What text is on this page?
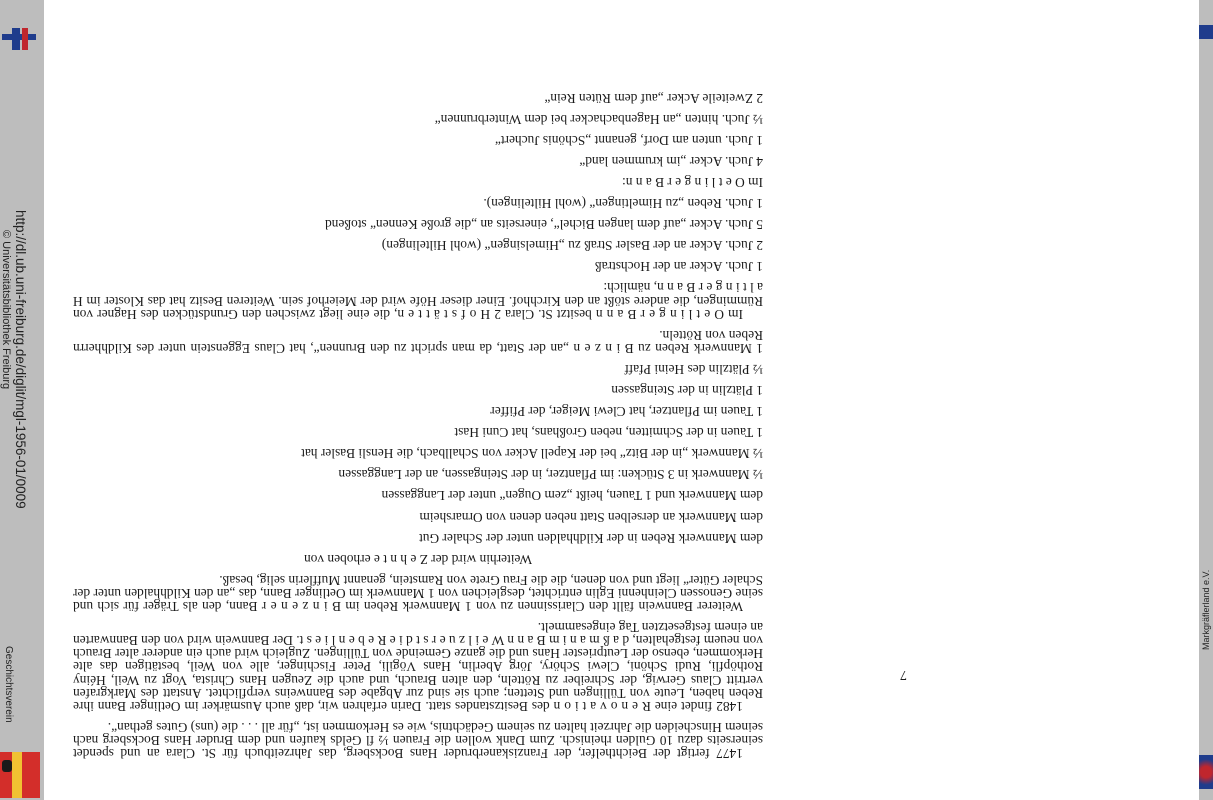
1477 fertigt der Beichthelfer, der Franziskanerbruder Hans Bocksberg, das Jahrzeitbuch für St. Clara an und spendet seinerseits dazu 10 Gulden rheinisch. Zum Dank wollen die Frauen ½ fl Gelds kaufen und dem Bruder Hans Bocksberg nach seinem Hinscheiden die Jahrzeit halten zu seinem Gedächtnis, wie es Herkommen ist, „für all . . . die (uns) Gutes gethan“.

1482 findet eine R e n o v a t i o n des Besitzstandes statt. Darin erfahren wir, daß auch Ausmärker im Oetlinger Bann ihre Reben haben, Leute von Tüllingen und Stetten; auch sie sind zur Abgabe des Bannweins verpflichtet. Anstatt des Markgrafen vertritt Claus Gerwig, der Schreiber zu Rötteln, den alten Brauch, und auch die Zeugen Hans Christa, Vogt zu Weil, Héiny Rothöpfli, Rudi Schöni, Clewi Schöry, Jörg Aberlin, Hans Vögili, Peter Fischinger, alle von Weil, bestätigen das alte Herkommen, ebenso der Leutpriester Hans und die ganze Gemeinde von Tüllingen. Zugleich wird auch ein anderer alter Brauch von neuem festgehalten, d a ß m a n i m B a n n W e i l z u e r s t d i e R e b e n l i e s t. Der Bannwein wird von den Bannwarten an einem festgesetzten Tag eingesammelt.

Weiterer Bannwein fällt den Clarissinnen zu von 1 Mannwerk Reben im B i n z e n e r Bann, den als Träger für sich und seine Genossen Cleinhenni Eglin entrichtet, desgleichen von 1 Mannwerk im Oetlinger Bann, das „an den Kildhhalden unter der Schaler Güter“ liegt und von denen, die die Frau Grete von Ramstein, genannt Mufflerin selig, besaß.

Weiterhin wird der Z e h n t e erhoben von

dem Mannwerk Reben in der Kildhhalden unter der Schaler Gut

dem Mannwerk an derselben Statt neben denen von Ornarsheim

dem Mannwerk und 1 Tauen, heißt „zem Ougen“ unter der Langgassen

½ Mannwerk in 3 Stücken: im Pflantzer, in der Steingassen, an der Langgassen

½ Mannwerk „in der Bitz“ bei der Kapell Acker von Schallbach, die Hensli Basler hat

1 Tauen in der Schmitten, neben Großhans, hat Cuni Hast

1 Tauen im Pflantzer, hat Clewi Meiger, der Pfiffer

1 Plätzlin in der Steingassen

½ Plätzlin des Heini Pfaff

1 Mannwerk Reben zu B i n z e n „an der Statt, da man spricht zu den Brunnen“, hat Claus Eggenstein unter des Kildhherrn Reben von Rötteln.

Im O e t l i n g e r B a n n besitzt St. Clara 2 H o f s t ä t t e n, die eine liegt zwischen den Grundstücken des Hagner von Rümmingen, die andere stößt an den Kirchhof. Einer dieser Höfe wird der Meierhof sein. Weiteren Besitz hat das Kloster im H a l t i n g e r B a n n, nämlich:

1 Juch. Acker an der Hochstraß

2 Juch. Acker an der Basler Straß zu „Himelsingen“ (wohl Hiltelingen)

5 Juch. Acker „auf dem langen Bichel“, einerseits an „die große Kennen“ stoßend

1 Juch. Reben „zu Himeltingen“ (wohl Hiltelingen).

Im O e t l i n g e r B a n n:

4 Juch. Acker „im krummen land“

1 Juch. unten am Dorf, genannt „Schönis Juchert“

½ Juch. hinten „an Hagenbachacker bei dem Winterbrunnen“

2 Zweiteile Acker „auf dem Rüten Rein“

7
http://dl.ub.uni-freiburg.de/diglit/mgl-1956-01/0009
© Universitätsbibliothek Freiburg
Geschichtsverein
Markgräflerland e.V.
